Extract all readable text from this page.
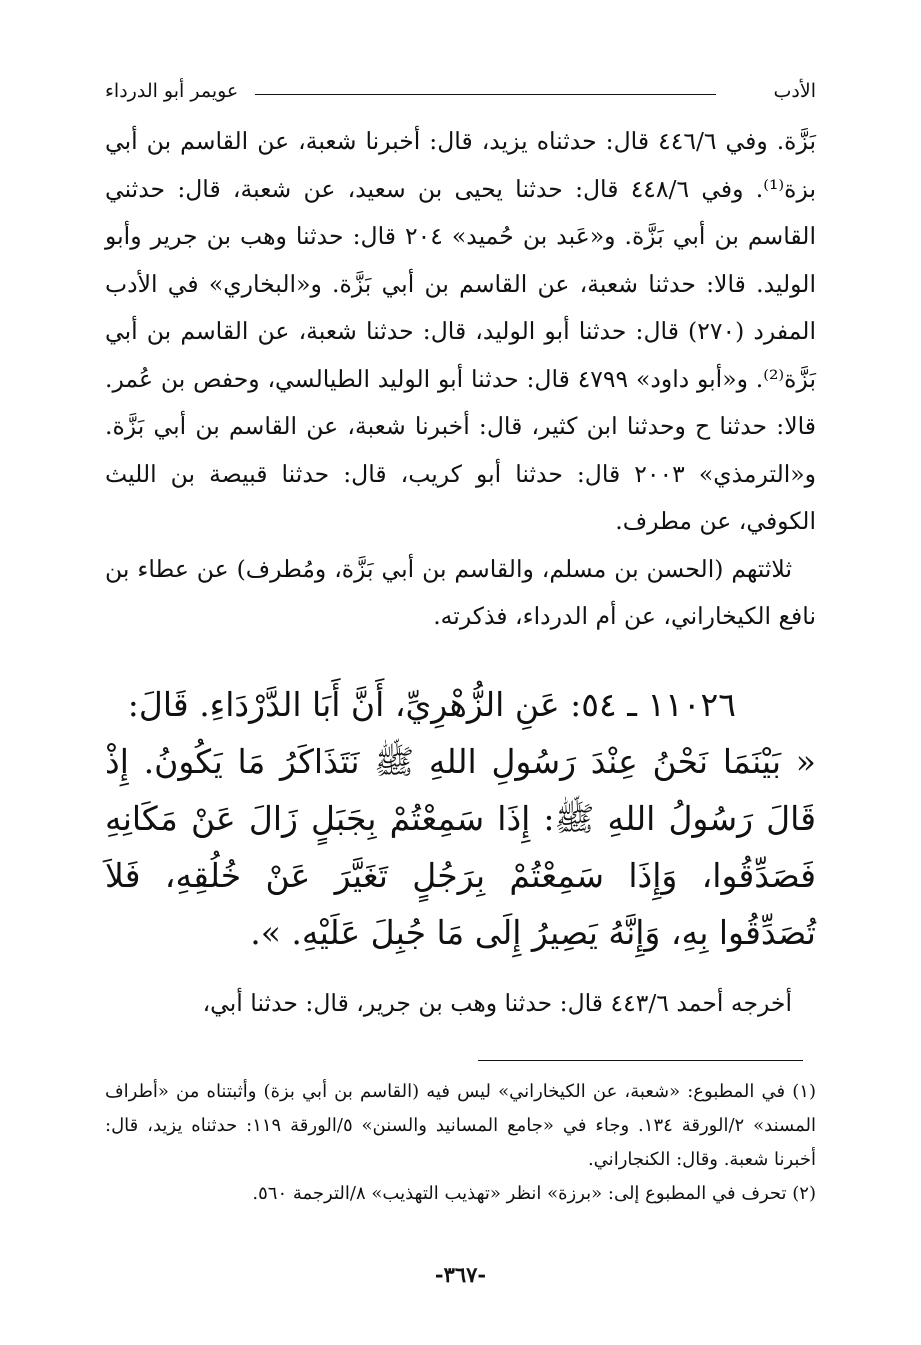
الأدب
عويمر أبو الدرداء

بَزَّة. وفي ٤٤٦/٦ قال: حدثناه يزيد، قال: أخبرنا شعبة، عن القاسم بن أبي بزة⁽¹⁾. وفي ٤٤٨/٦ قال: حدثنا يحيى بن سعيد، عن شعبة، قال: حدثني القاسم بن أبي بَزَّة. و«عَبد بن حُميد» ٢٠٤ قال: حدثنا وهب بن جرير وأبو الوليد. قالا: حدثنا شعبة، عن القاسم بن أبي بَزَّة. و«البخاري» في الأدب المفرد (٢٧٠) قال: حدثنا أبو الوليد، قال: حدثنا شعبة، عن القاسم بن أبي بَزَّة⁽²⁾. و«أبو داود» ٤٧٩٩ قال: حدثنا أبو الوليد الطيالسي، وحفص بن عُمر. قالا: حدثنا ح وحدثنا ابن كثير، قال: أخبرنا شعبة، عن القاسم بن أبي بَزَّة. و«الترمذي» ٢٠٠٣ قال: حدثنا أبو كريب، قال: حدثنا قبيصة بن الليث الكوفي، عن مطرف.

ثلاثتهم (الحسن بن مسلم، والقاسم بن أبي بَزَّة، ومُطرف) عن عطاء بن نافع الكيخاراني، عن أم الدرداء، فذكرته.

١١٠٢٦ ـ ٥٤: عَنِ الزُّهْرِيِّ، أَنَّ أَبَا الدَّرْدَاءِ. قَالَ:

« بَيْنَمَا نَحْنُ عِنْدَ رَسُولِ اللهِ ﷺ نَتَذَاكَرُ مَا يَكُونُ. إِذْ قَالَ رَسُولُ اللهِ ﷺ: إِذَا سَمِعْتُمْ بِجَبَلٍ زَالَ عَنْ مَكَانِهِ فَصَدِّقُوا، وَإِذَا سَمِعْتُمْ بِرَجُلٍ تَغَيَّرَ عَنْ خُلُقِهِ، فَلاَ تُصَدِّقُوا بِهِ، وَإِنَّهُ يَصِيرُ إِلَى مَا جُبِلَ عَلَيْهِ. ».

أخرجه أحمد ٤٤٣/٦ قال: حدثنا وهب بن جرير، قال: حدثنا أبي،

(١) في المطبوع: «شعبة، عن الكيخاراني» ليس فيه (القاسم بن أبي بزة) وأثبتناه من «أطراف المسند» ٢/الورقة ١٣٤. وجاء في «جامع المسانيد والسنن» ٥/الورقة ١١٩: حدثناه يزيد، قال: أخبرنا شعبة. وقال: الكنجاراني.

(٢) تحرف في المطبوع إلى: «برزة» انظر «تهذيب التهذيب» ٨/الترجمة ٥٦٠.

-٣٦٧-
